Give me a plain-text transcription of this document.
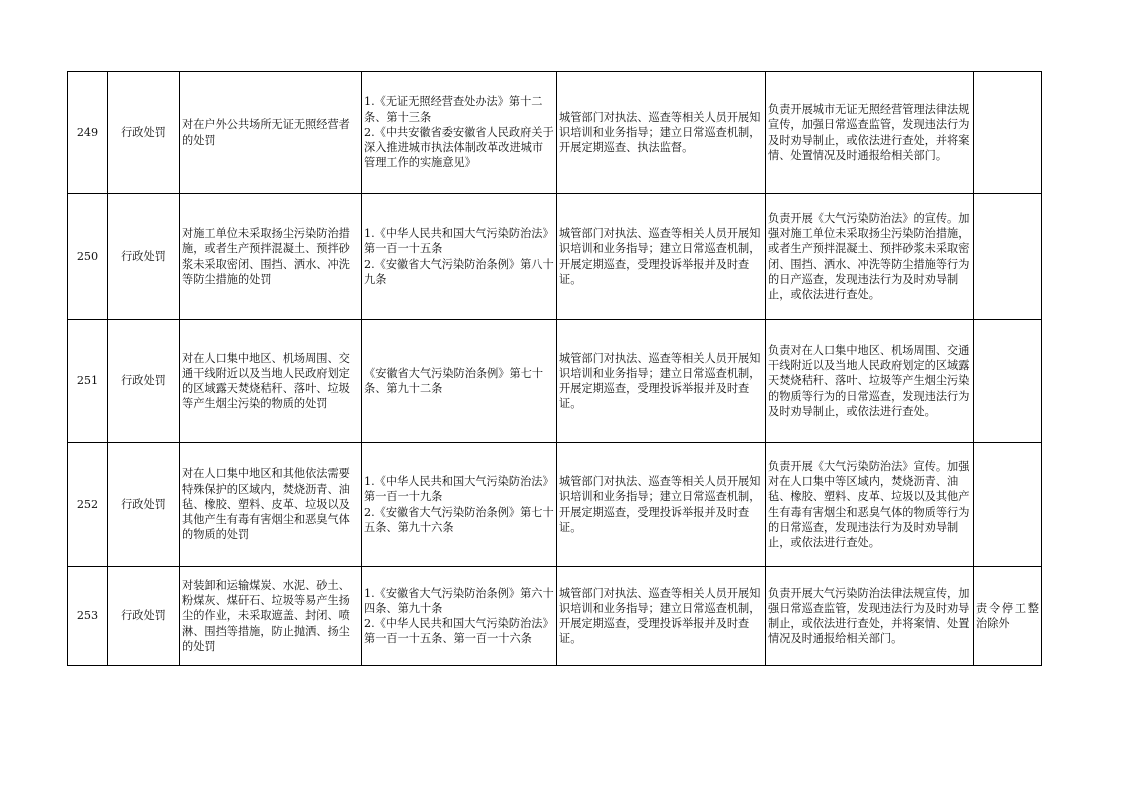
249	行政处罚	对在户外公共场所无证无照经营者的处罚	1.《无证无照经营查处办法》第十二条、第十三条
2.《中共安徽省委安徽省人民政府关于深入推进城市执法体制改革改进城市管理工作的实施意见》	城管部门对执法、巡查等相关人员开展知识培训和业务指导；建立日常巡查机制，开展定期巡查、执法监督。	负责开展城市无证无照经营管理法律法规宣传，加强日常巡查监管，发现违法行为及时劝导制止，或依法进行查处，并将案情、处置情况及时通报给相关部门。	
250	行政处罚	对施工单位未采取扬尘污染防治措施，或者生产预拌混凝土、预拌砂浆未采取密闭、围挡、洒水、冲洗等防尘措施的处罚	1.《中华人民共和国大气污染防治法》第一百一十五条
2.《安徽省大气污染防治条例》第八十九条	城管部门对执法、巡查等相关人员开展知识培训和业务指导；建立日常巡查机制，开展定期巡查，受理投诉举报并及时查证。	负责开展《大气污染防治法》的宣传。加强对施工单位未采取扬尘污染防治措施，或者生产预拌混凝土、预拌砂浆未采取密闭、围挡、洒水、冲洗等防尘措施等行为的日产巡查，发现违法行为及时劝导制止，或依法进行查处。	
251	行政处罚	对在人口集中地区、机场周围、交通干线附近以及当地人民政府划定的区域露天焚烧秸秆、落叶、垃圾等产生烟尘污染的物质的处罚	《安徽省大气污染防治条例》第七十条、第九十二条	城管部门对执法、巡查等相关人员开展知识培训和业务指导；建立日常巡查机制，开展定期巡查，受理投诉举报并及时查证。	负责对在人口集中地区、机场周围、交通干线附近以及当地人民政府划定的区域露天焚烧秸秆、落叶、垃圾等产生烟尘污染的物质等行为的日常巡查，发现违法行为及时劝导制止，或依法进行查处。	
252	行政处罚	对在人口集中地区和其他依法需要特殊保护的区域内，焚烧沥青、油毡、橡胶、塑料、皮革、垃圾以及其他产生有毒有害烟尘和恶臭气体的物质的处罚	1.《中华人民共和国大气污染防治法》第一百一十九条
2.《安徽省大气污染防治条例》第七十五条、第九十六条	城管部门对执法、巡查等相关人员开展知识培训和业务指导；建立日常巡查机制，开展定期巡查，受理投诉举报并及时查证。	负责开展《大气污染防治法》宣传。加强对在人口集中等区域内，焚烧沥青、油毡、橡胶、塑料、皮革、垃圾以及其他产生有毒有害烟尘和恶臭气体的物质等行为的日常巡查，发现违法行为及时劝导制止，或依法进行查处。	
253	行政处罚	对装卸和运输煤炭、水泥、砂土、粉煤灰、煤矸石、垃圾等易产生扬尘的作业，未采取遮盖、封闭、喷淋、围挡等措施，防止抛洒、扬尘的处罚	1.《安徽省大气污染防治条例》第六十四条、第九十条
2.《中华人民共和国大气污染防治法》第一百一十五条、第一百一十六条	城管部门对执法、巡查等相关人员开展知识培训和业务指导；建立日常巡查机制，开展定期巡查，受理投诉举报并及时查证。	负责开展大气污染防治法律法规宣传，加强日常巡查监管，发现违法行为及时劝导制止，或依法进行查处，并将案情、处置情况及时通报给相关部门。	责令停工整治除外
